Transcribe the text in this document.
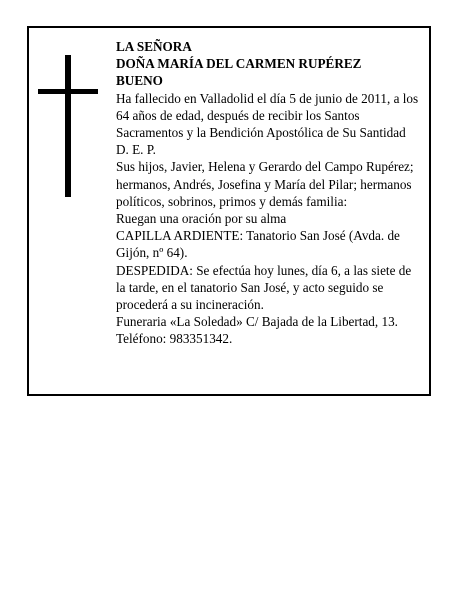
LA SEÑORA
DOÑA MARÍA DEL CARMEN RUPÉREZ
BUENO

Ha fallecido en Valladolid el día 5 de junio de 2011, a los 64 años de edad, después de recibir los Santos Sacramentos y la Bendición Apostólica de Su Santidad

D. E. P.

Sus hijos, Javier, Helena y Gerardo del Campo Rupérez; hermanos, Andrés, Josefina y María del Pilar; hermanos políticos, sobrinos, primos y demás familia:

Ruegan una oración por su alma

CAPILLA ARDIENTE: Tanatorio San José (Avda. de Gijón, nº 64).

DESPEDIDA: Se efectúa hoy lunes, día 6, a las siete de la tarde, en el tanatorio San José, y acto seguido se procederá a su incineración.

Funeraria «La Soledad» C/ Bajada de la Libertad, 13.

Teléfono: 983351342.
